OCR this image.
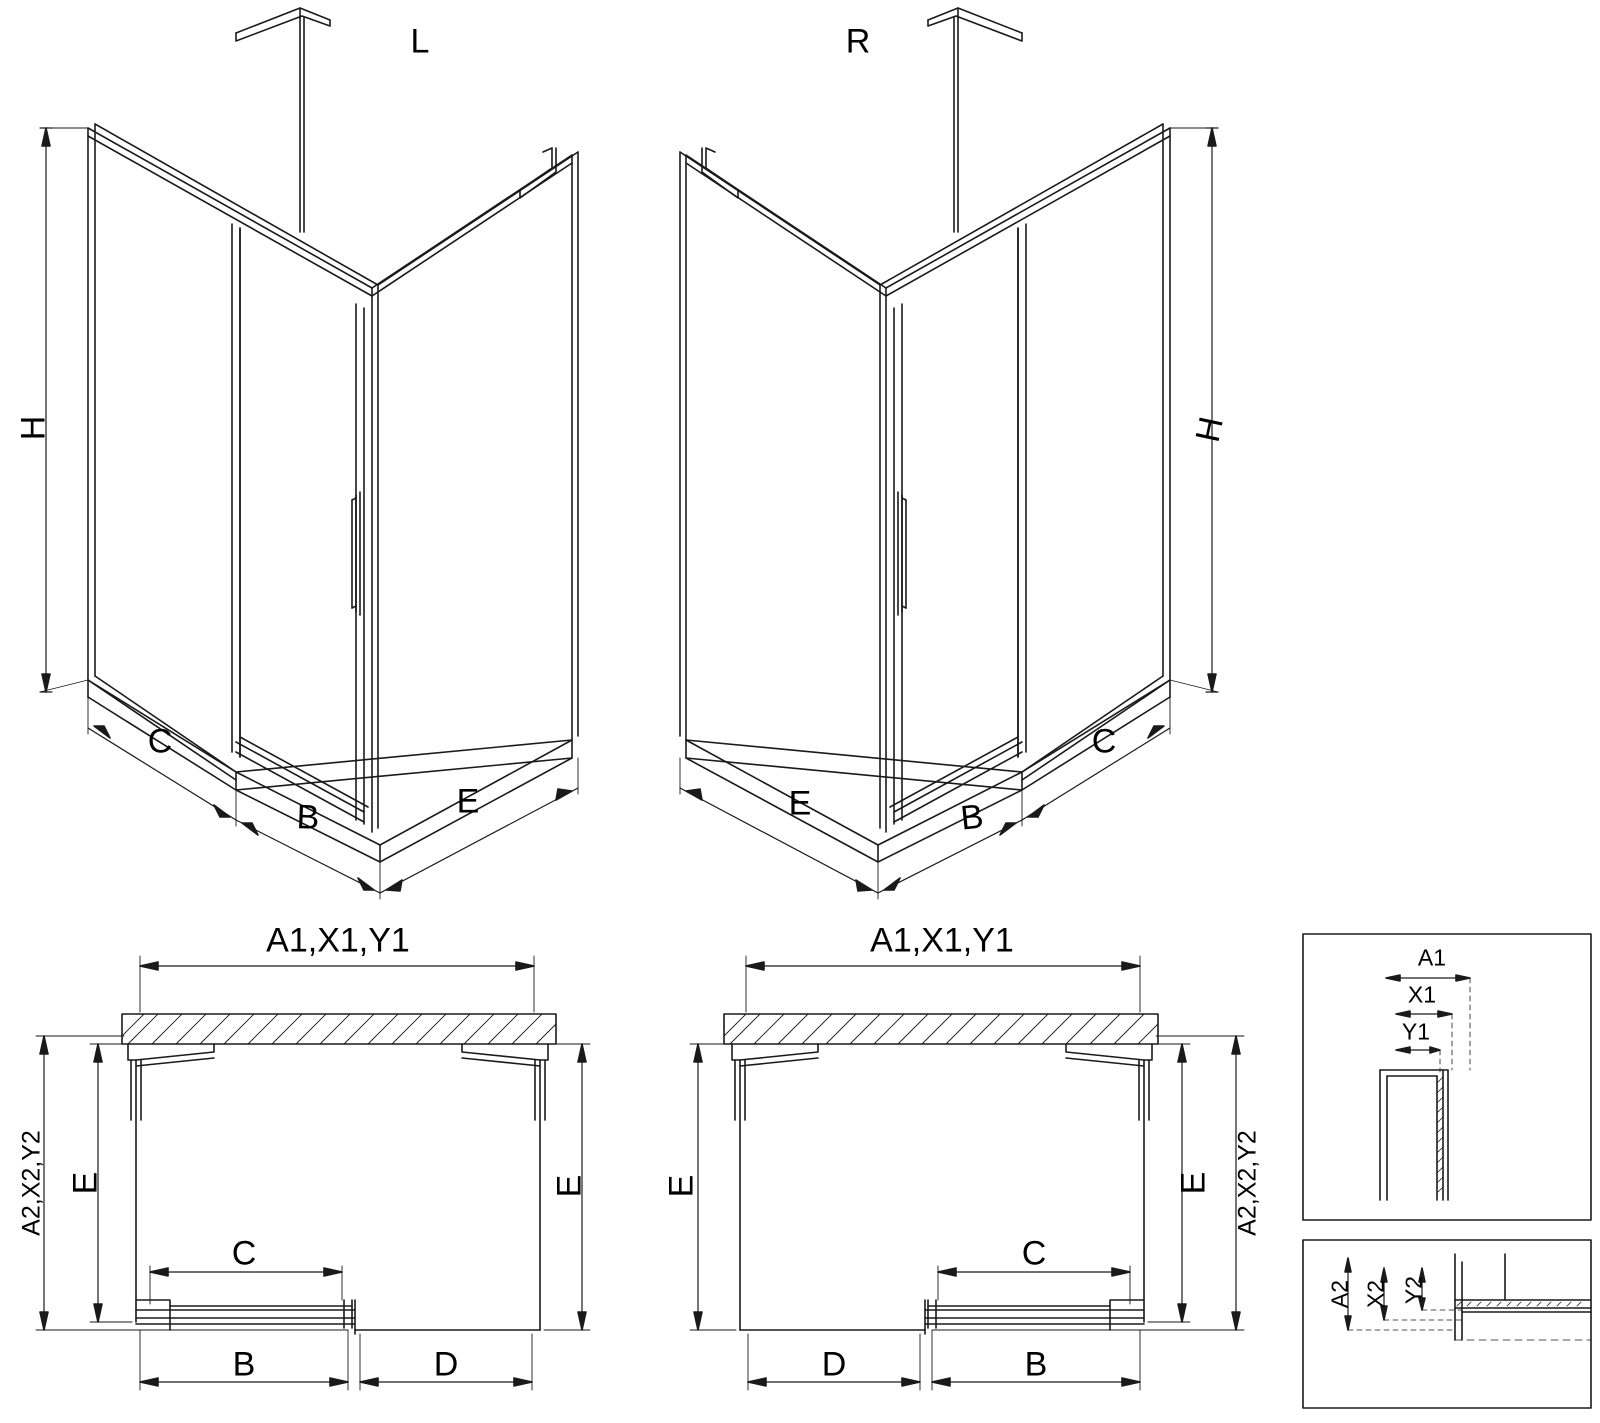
L	R
H	H
C
B	E
C
B
E
A1,X1,Y1
A2,X2,Y2 E	E
C
B	D
A1,X1,Y1
A2,X2,Y2
E
E
C
B
D
A1
X1
Y1
A2 X2 Y2
